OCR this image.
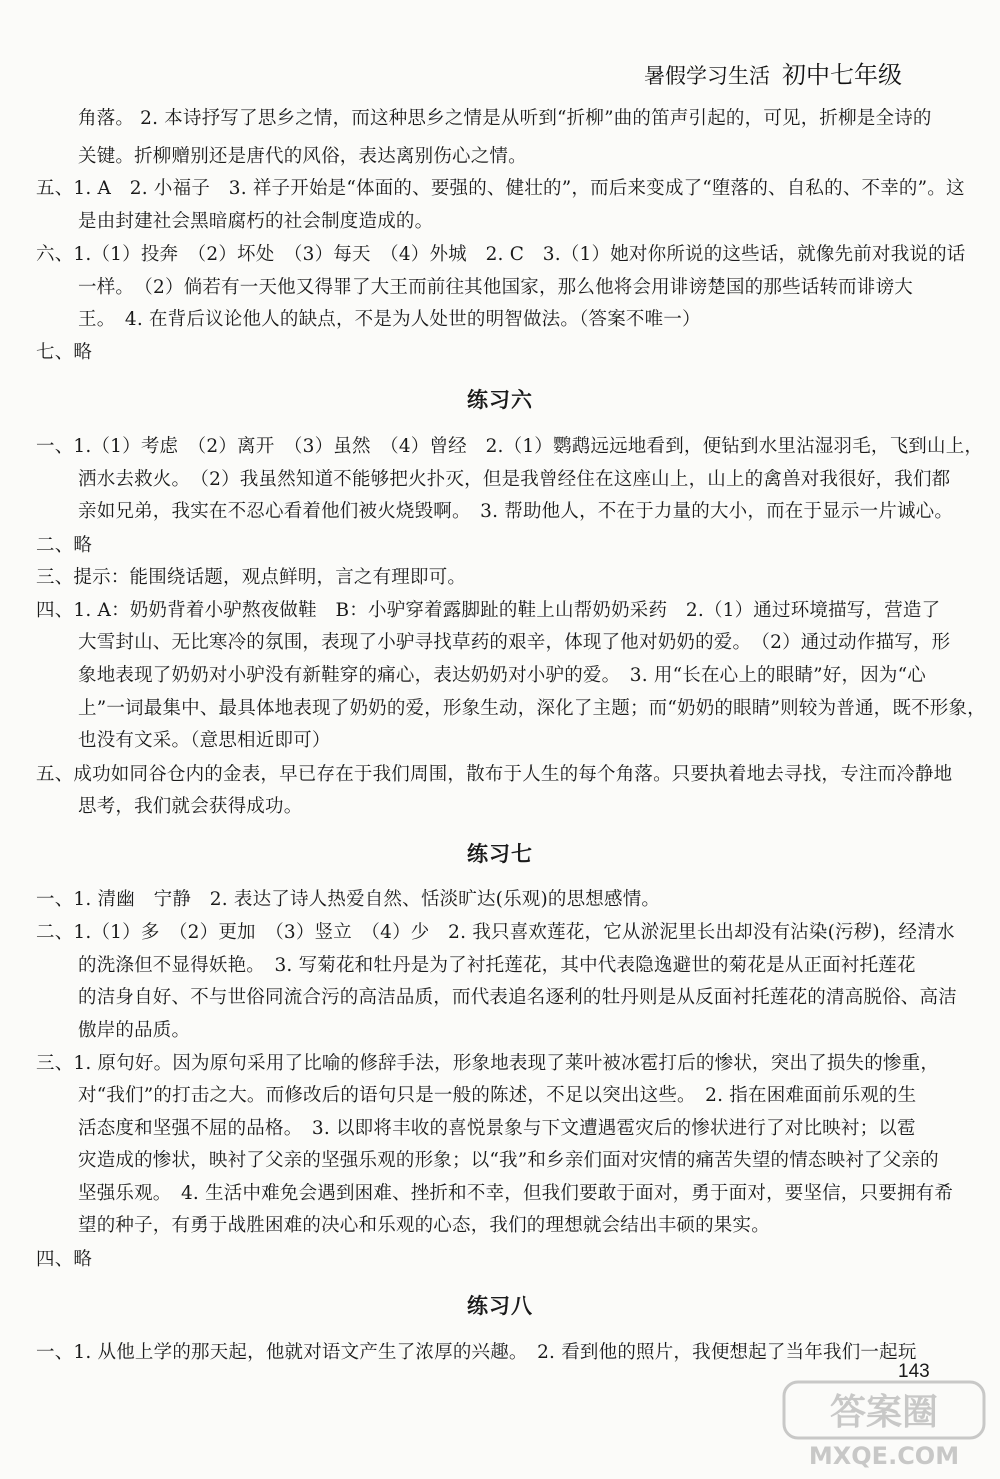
暑假学习生活 初中七年级
角落。 2. 本诗抒写了思乡之情，而这种思乡之情是从听到“折柳”曲的笛声引起的，可见，折柳是全诗的
关键。折柳赠别还是唐代的风俗，表达离别伤心之情。
五、1. A　2. 小福子　3. 祥子开始是“体面的、要强的、健壮的”，而后来变成了“堕落的、自私的、不幸的”。这
是由封建社会黑暗腐朽的社会制度造成的。
六、1.（1）投奔　（2）坏处　（3）每天　（4）外城　2. C　3.（1）她对你所说的这些话，就像先前对我说的话
一样。　（2）倘若有一天他又得罪了大王而前往其他国家，那么他将会用诽谤楚国的那些话转而诽谤大
王。　4. 在背后议论他人的缺点，不是为人处世的明智做法。（答案不唯一）
七、略
练习六
一、1.（1）考虑　（2）离开　（3）虽然　（4）曾经　2.（1）鹦鹉远远地看到，便钻到水里沾湿羽毛，飞到山上，
洒水去救火。　（2）我虽然知道不能够把火扑灭，但是我曾经住在这座山上，山上的禽兽对我很好，我们都
亲如兄弟，我实在不忍心看着他们被火烧毁啊。　3. 帮助他人，不在于力量的大小，而在于显示一片诚心。
二、略
三、提示：能围绕话题，观点鲜明，言之有理即可。
四、1. A：奶奶背着小驴熬夜做鞋　B：小驴穿着露脚趾的鞋上山帮奶奶采药　2.（1）通过环境描写，营造了
大雪封山、无比寒冷的氛围，表现了小驴寻找草药的艰辛，体现了他对奶奶的爱。　（2）通过动作描写，形
象地表现了奶奶对小驴没有新鞋穿的痛心，表达奶奶对小驴的爱。　3. 用“长在心上的眼睛”好，因为“心
上”一词最集中、最具体地表现了奶奶的爱，形象生动，深化了主题；而“奶奶的眼睛”则较为普通，既不形象，
也没有文采。（意思相近即可）
五、成功如同谷仓内的金表，早已存在于我们周围，散布于人生的每个角落。只要执着地去寻找，专注而冷静地
思考，我们就会获得成功。
练习七
一、1. 清幽　宁静　2. 表达了诗人热爱自然、恬淡旷达(乐观)的思想感情。
二、1.（1）多　（2）更加　（3）竖立　（4）少　2. 我只喜欢莲花，它从淤泥里长出却没有沾染(污秽)，经清水
的洗涤但不显得妖艳。　3. 写菊花和牡丹是为了衬托莲花，其中代表隐逸避世的菊花是从正面衬托莲花
的洁身自好、不与世俗同流合污的高洁品质，而代表追名逐利的牡丹则是从反面衬托莲花的清高脱俗、高洁
傲岸的品质。
三、1. 原句好。因为原句采用了比喻的修辞手法，形象地表现了莱叶被冰雹打后的惨状，突出了损失的惨重，
对“我们”的打击之大。而修改后的语句只是一般的陈述，不足以突出这些。　2. 指在困难面前乐观的生
活态度和坚强不屈的品格。　3. 以即将丰收的喜悦景象与下文遭遇雹灾后的惨状进行了对比映衬；以雹
灾造成的惨状，映衬了父亲的坚强乐观的形象；以“我”和乡亲们面对灾情的痛苦失望的情态映衬了父亲的
坚强乐观。　4. 生活中难免会遇到困难、挫折和不幸，但我们要敢于面对，勇于面对，要坚信，只要拥有希
望的种子，有勇于战胜困难的决心和乐观的心态，我们的理想就会结出丰硕的果实。
四、略
练习八
一、1. 从他上学的那天起，他就对语文产生了浓厚的兴趣。　2. 看到他的照片，我便想起了当年我们一起玩
143
答案圈
MXQE.COM
